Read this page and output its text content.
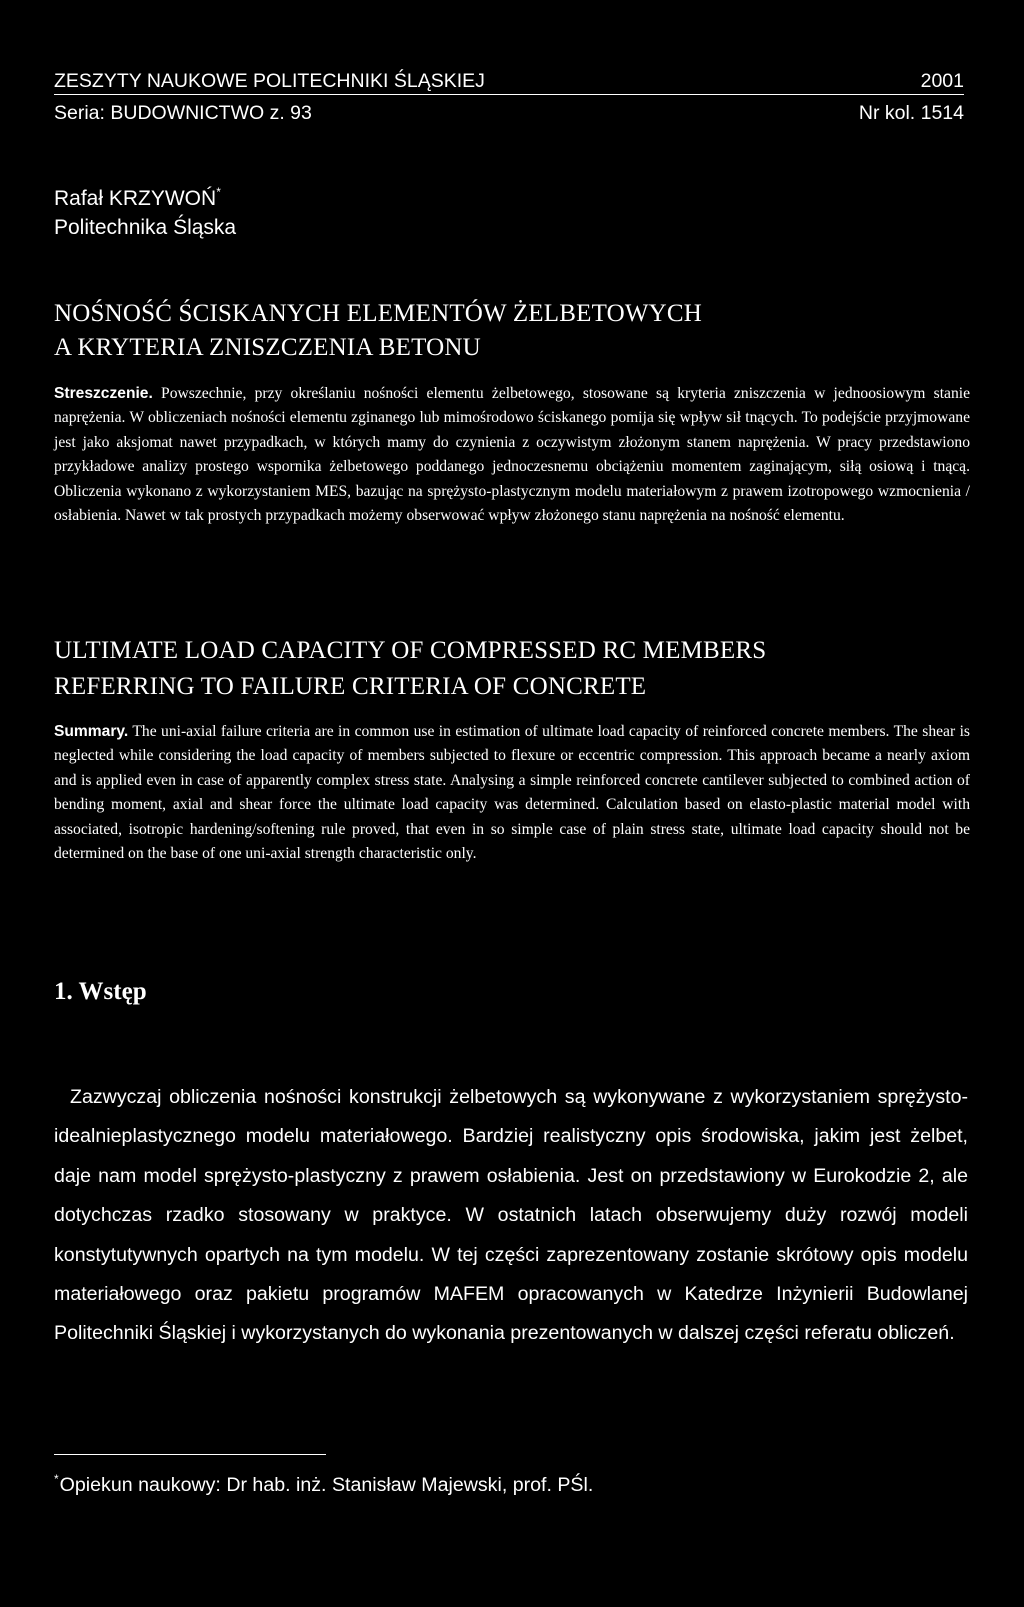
ZESZYTY NAUKOWE POLITECHNIKI ŚLĄSKIEJ	2001
Seria: BUDOWNICTWO z. 93	Nr kol. 1514
Rafał KRZYWOŃ*
Politechnika Śląska
NOŚNOŚĆ ŚCISKANYCH ELEMENTÓW ŻELBETOWYCH
A KRYTERIA ZNISZCZENIA BETONU
Streszczenie. Powszechnie, przy określaniu nośności elementu żelbetowego, stosowane są kryteria zniszczenia w jednoosiowym stanie naprężenia. W obliczeniach nośności elementu zginanego lub mimośrodowo ściskanego pomija się wpływ sił tnących. To podejście przyjmowane jest jako aksjomat nawet przypadkach, w których mamy do czynienia z oczywistym złożonym stanem naprężenia. W pracy przedstawiono przykładowe analizy prostego wspornika żelbetowego poddanego jednoczesnemu obciążeniu momentem zaginającym, siłą osiową i tnącą. Obliczenia wykonano z wykorzystaniem MES, bazując na sprężysto-plastycznym modelu materiałowym z prawem izotropowego wzmocnienia / osłabienia. Nawet w tak prostych przypadkach możemy obserwować wpływ złożonego stanu naprężenia na nośność elementu.
ULTIMATE LOAD CAPACITY OF COMPRESSED RC MEMBERS
REFERRING TO FAILURE CRITERIA OF CONCRETE
Summary. The uni-axial failure criteria are in common use in estimation of ultimate load capacity of reinforced concrete members. The shear is neglected while considering the load capacity of members subjected to flexure or eccentric compression. This approach became a nearly axiom and is applied even in case of apparently complex stress state. Analysing a simple reinforced concrete cantilever subjected to combined action of bending moment, axial and shear force the ultimate load capacity was determined. Calculation based on elasto-plastic material model with associated, isotropic hardening/softening rule proved, that even in so simple case of plain stress state, ultimate load capacity should not be determined on the base of one uni-axial strength characteristic only.
1. Wstęp
Zazwyczaj obliczenia nośności konstrukcji żelbetowych są wykonywane z wykorzystaniem sprężysto-idealnieplastycznego modelu materiałowego. Bardziej realistyczny opis środowiska, jakim jest żelbet, daje nam model sprężysto-plastyczny z prawem osłabienia. Jest on przedstawiony w Eurokodzie 2, ale dotychczas rzadko stosowany w praktyce. W ostatnich latach obserwujemy duży rozwój modeli konstytutywnych opartych na tym modelu. W tej części zaprezentowany zostanie skrótowy opis modelu materiałowego oraz pakietu programów MAFEM opracowanych w Katedrze Inżynierii Budowlanej Politechniki Śląskiej i wykorzystanych do wykonania prezentowanych w dalszej części referatu obliczeń.
*Opiekun naukowy: Dr hab. inż. Stanisław Majewski, prof. PŚl.
